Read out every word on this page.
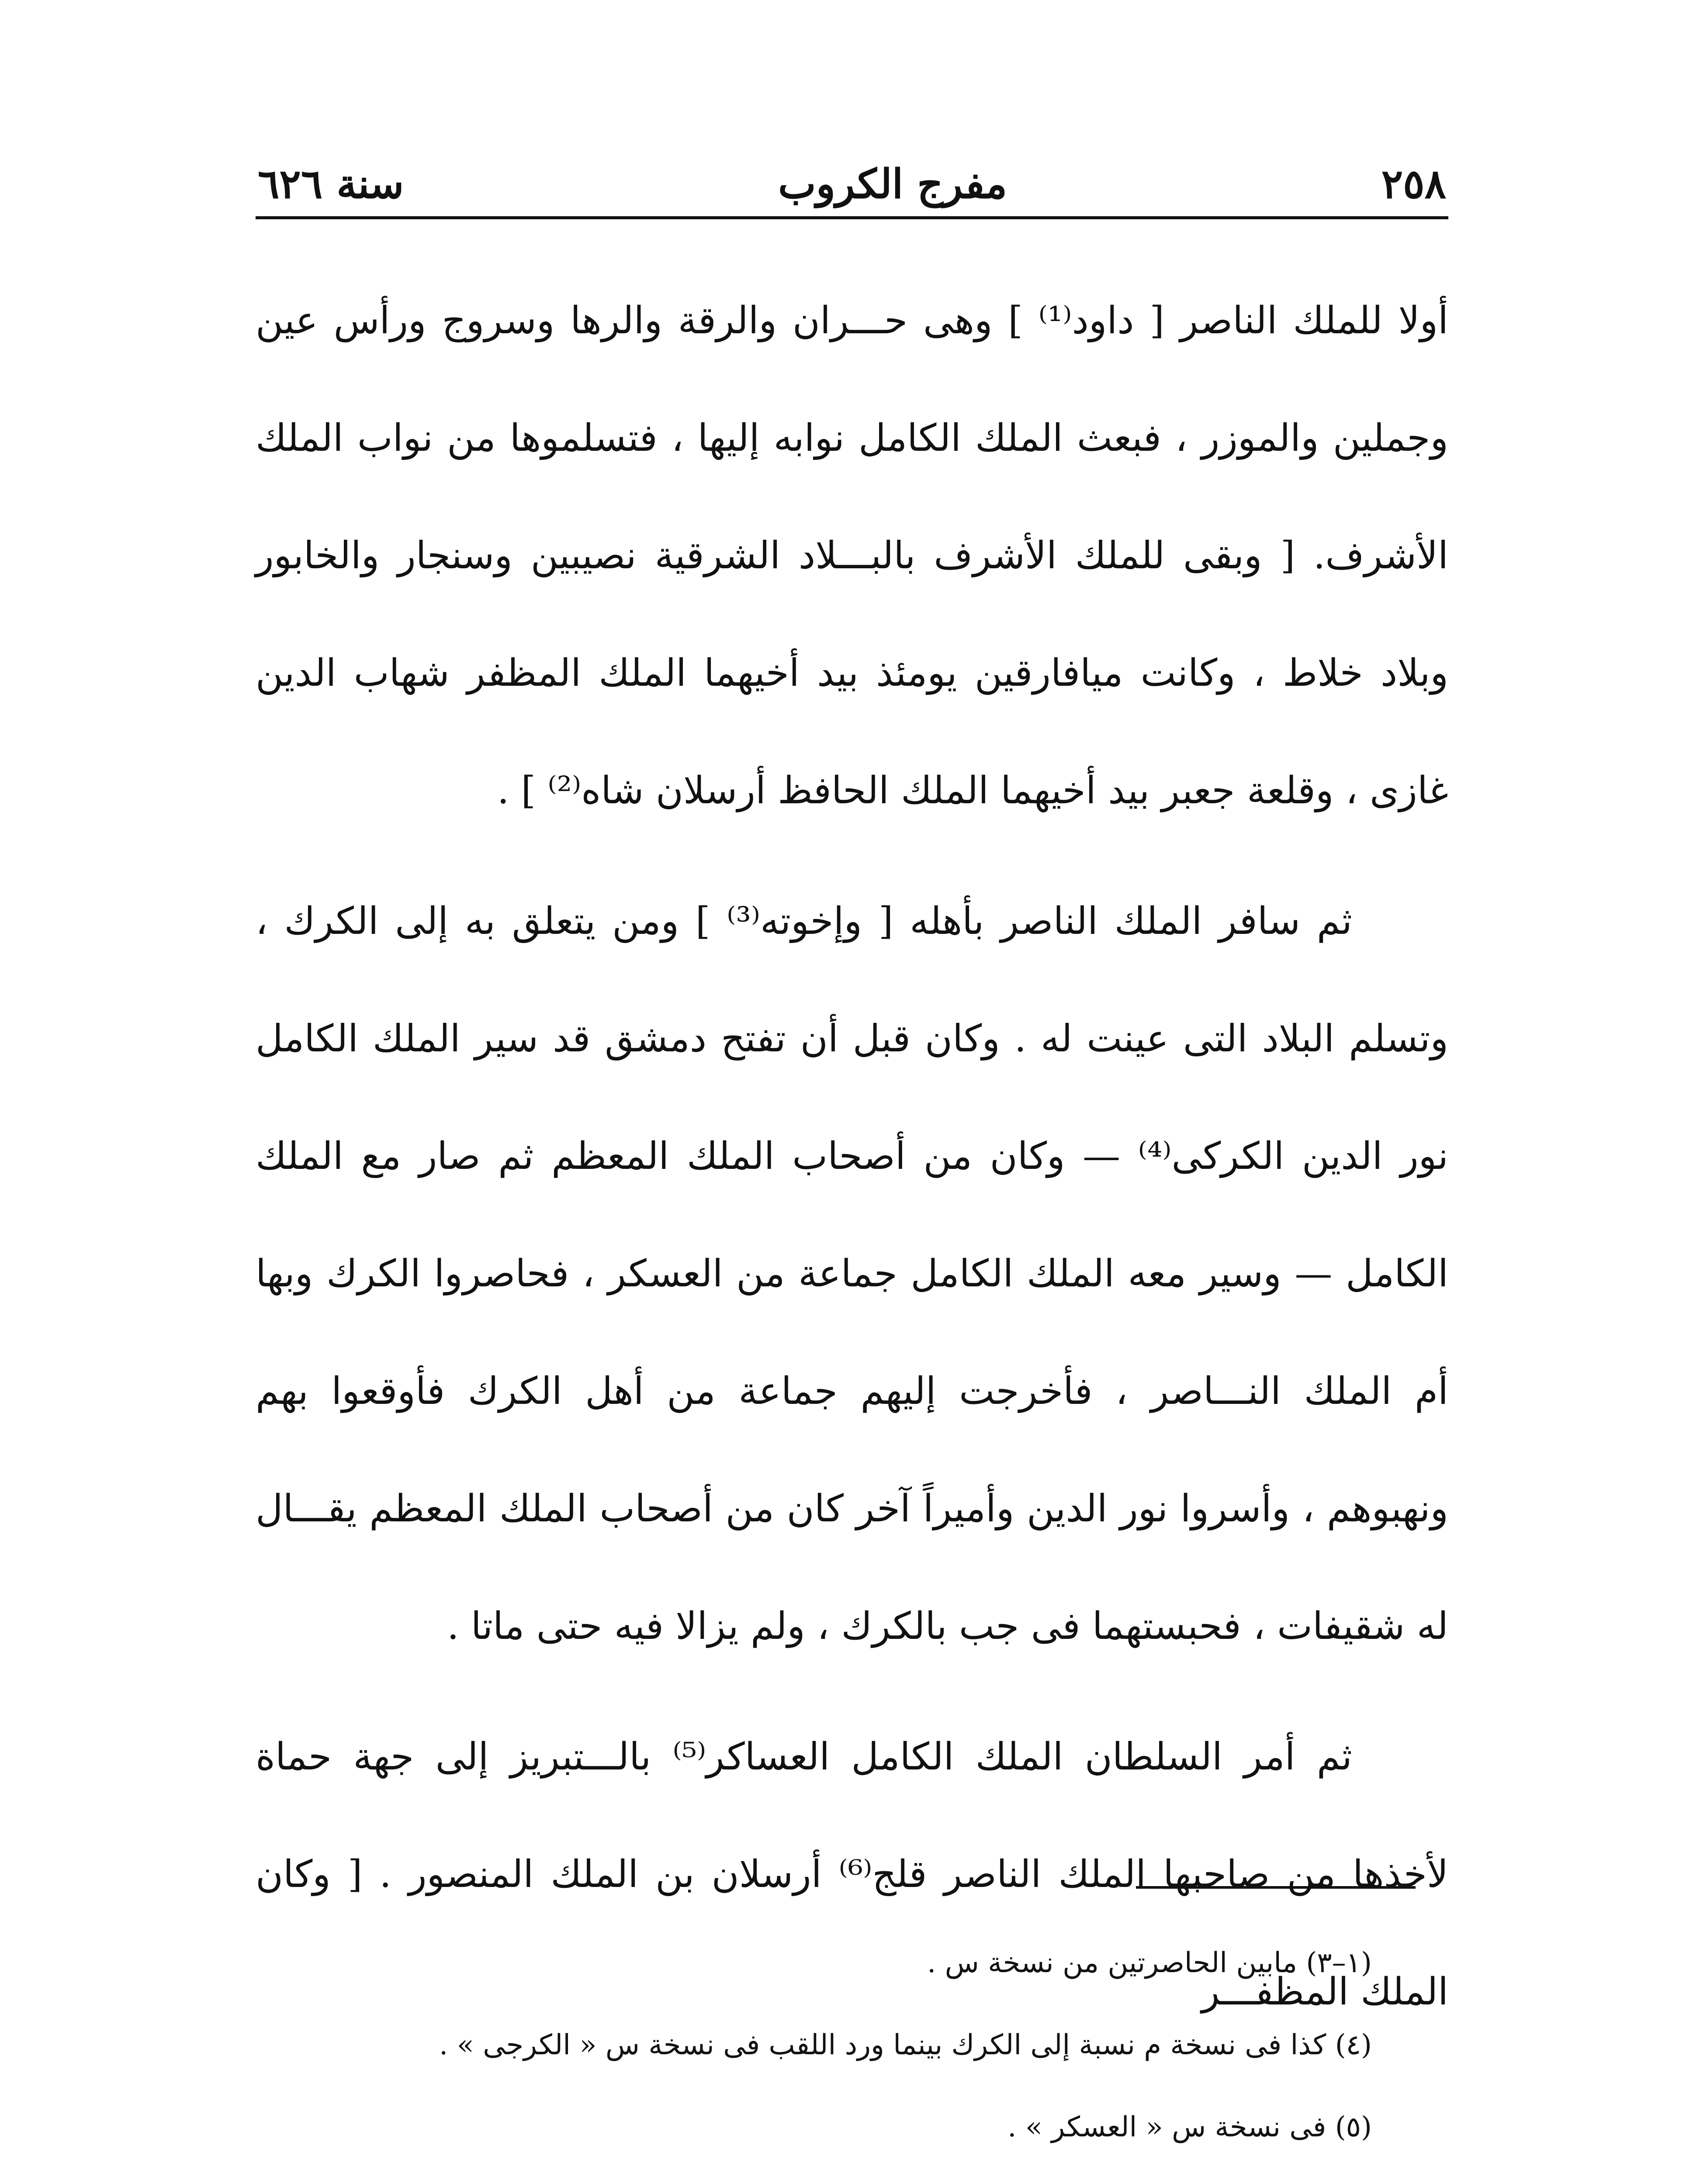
٢٥٨
مفرج الكروب
سنة ٦٢٦

أولا للملك الناصر [ داود⁽¹⁾ ] وهى حـــران والرقة والرها وسروج ورأس عين وجملين والموزر ، فبعث الملك الكامل نوابه إليها ، فتسلموها من نواب الملك الأشرف. [ وبقى للملك الأشرف بالبـــلاد الشرقية نصيبين وسنجار والخابور وبلاد خلاط ، وكانت ميافارقين يومئذ بيد أخيهما الملك المظفر شهاب الدين غازى ، وقلعة جعبر بيد أخيهما الملك الحافظ أرسلان شاه⁽²⁾ ] .

ثم سافر الملك الناصر بأهله [ وإخوته⁽³⁾ ] ومن يتعلق به إلى الكرك ، وتسلم البلاد التى عينت له . وكان قبل أن تفتح دمشق قد سير الملك الكامل نور الدين الكركى⁽⁴⁾ — وكان من أصحاب الملك المعظم ثم صار مع الملك الكامل — وسير معه الملك الكامل جماعة من العسكر ، فحاصروا الكرك وبها أم الملك النـــاصر ، فأخرجت إليهم جماعة من أهل الكرك فأوقعوا بهم ونهبوهم ، وأسروا نور الدين وأميراً آخر كان من أصحاب الملك المعظم يقـــال له شقيفات ، فحبستهما فى جب بالكرك ، ولم يزالا فيه حتى ماتا .

ثم أمر السلطان الملك الكامل العساكر⁽⁵⁾ بالـــتبريز إلى جهة حماة لأخذها من صاحبها الملك الناصر قلج⁽⁶⁾ أرسلان بن الملك المنصور . [ وكان الملك المظفـــر

(١–٣) مابين الحاصرتين من نسخة س .

(٤) كذا فى نسخة م نسبة إلى الكرك بينما ورد اللقب فى نسخة س « الكرجى » .

(٥) فى نسخة س « العسكر » .
